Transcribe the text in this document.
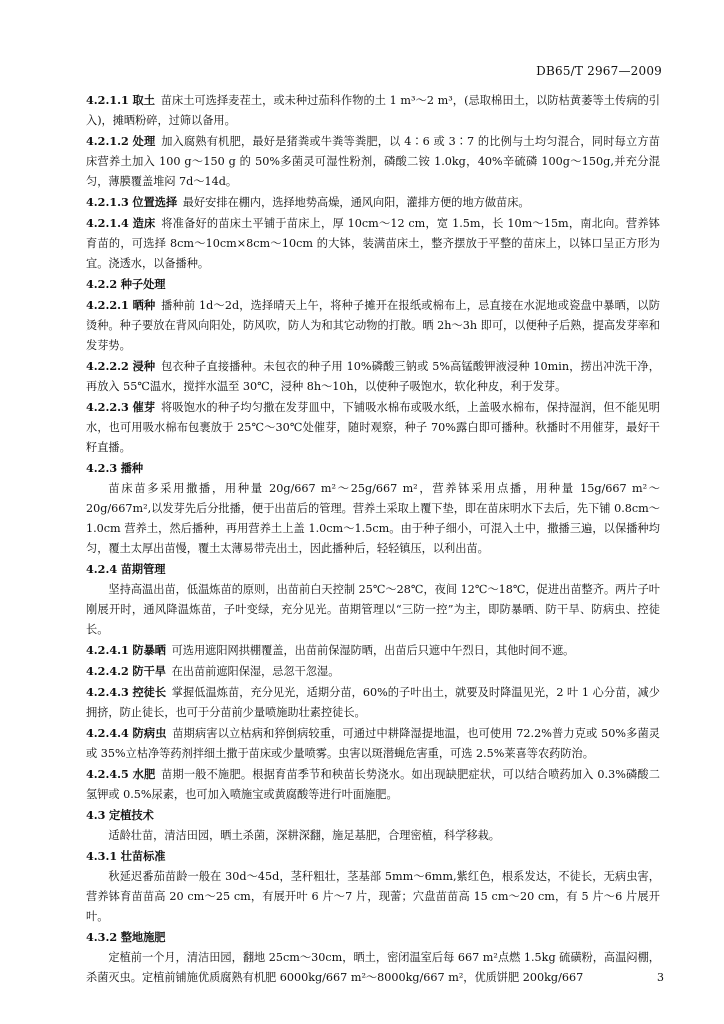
DB65/T 2967—2009

4.2.1.1 取土  苗床土可选择麦茬土，或未种过茄科作物的土 1 m³～2 m³，(忌取棉田土，以防枯黄萎等土传病的引入)，摊晒粉碎，过筛以备用。

4.2.1.2 处理  加入腐熟有机肥，最好是猪粪或牛粪等粪肥，以 4∶6 或 3∶7 的比例与土均匀混合，同时每立方苗床营养土加入 100 g～150 g 的 50%多菌灵可湿性粉剂，磷酸二铵 1.0kg，40%辛硫磷 100g～150g,并充分混匀，薄膜覆盖堆闷 7d～14d。

4.2.1.3 位置选择  最好安排在棚内，选择地势高燥，通风向阳，灌排方便的地方做苗床。

4.2.1.4 造床  将准备好的苗床土平铺于苗床上，厚 10cm～12 cm，宽 1.5m，长 10m～15m，南北向。营养钵育苗的，可选择 8cm～10cm×8cm～10cm 的大钵，装满苗床土，整齐摆放于平整的苗床上，以钵口呈正方形为宜。浇透水，以备播种。

4.2.2 种子处理

4.2.2.1 晒种  播种前 1d～2d，选择晴天上午，将种子摊开在报纸或棉布上，忌直接在水泥地或瓷盘中暴晒，以防烫种。种子要放在背风向阳处，防风吹，防人为和其它动物的打散。晒 2h～3h 即可，以便种子后熟，提高发芽率和发芽势。

4.2.2.2 浸种  包衣种子直接播种。未包衣的种子用 10%磷酸三钠或 5%高锰酸钾液浸种 10min，捞出冲洗干净，再放入 55℃温水，搅拌水温至 30℃，浸种 8h～10h，以使种子吸饱水，软化种皮，利于发芽。

4.2.2.3 催芽  将吸饱水的种子均匀撒在发芽皿中，下铺吸水棉布或吸水纸，上盖吸水棉布，保持湿润，但不能见明水，也可用吸水棉布包裹放于 25℃～30℃处催芽，随时观察，种子 70%露白即可播种。秋播时不用催芽，最好干籽直播。

4.2.3 播种

苗床苗多采用撒播，用种量 20g/667 m²～25g/667 m²，营养钵采用点播，用种量 15g/667 m²～20g/667m²,以发芽先后分批播，便于出苗后的管理。营养土采取上覆下垫，即在苗床明水下去后，先下铺 0.8cm～1.0cm 营养土，然后播种，再用营养土上盖 1.0cm～1.5cm。由于种子细小，可混入土中，撒播三遍，以保播种均匀，覆土太厚出苗慢，覆土太薄易带壳出土，因此播种后，轻轻镇压，以利出苗。

4.2.4 苗期管理

坚持高温出苗，低温炼苗的原则，出苗前白天控制 25℃～28℃，夜间 12℃～18℃，促进出苗整齐。两片子叶刚展开时，通风降温炼苗，子叶变绿，充分见光。苗期管理以“三防一控”为主，即防暴晒、防干旱、防病虫、控徒长。

4.2.4.1 防暴晒  可选用遮阳网拱棚覆盖，出苗前保湿防晒，出苗后只遮中午烈日，其他时间不遮。

4.2.4.2 防干旱  在出苗前遮阳保湿，忌忽干忽湿。

4.2.4.3 控徒长  掌握低温炼苗，充分见光，适期分苗，60%的子叶出土，就要及时降温见光，2 叶 1 心分苗，减少拥挤，防止徒长，也可于分苗前少量喷施助壮素控徒长。

4.2.4.4 防病虫  苗期病害以立枯病和猝倒病较重，可通过中耕降湿提地温，也可使用 72.2%普力克或 50%多菌灵或 35%立枯净等药剂拌细土撒于苗床或少量喷雾。虫害以斑潜蝇危害重，可选 2.5%莱喜等农药防治。

4.2.4.5 水肥  苗期一般不施肥。根据育苗季节和秧苗长势浇水。如出现缺肥症状，可以结合喷药加入 0.3%磷酸二氢钾或 0.5%尿素，也可加入喷施宝或黄腐酸等进行叶面施肥。

4.3 定植技术

适龄壮苗，清洁田园，晒土杀菌，深耕深翻，施足基肥，合理密植，科学移栽。

4.3.1 壮苗标准

秋延迟番茄苗龄一般在 30d～45d，茎秆粗壮，茎基部 5mm～6mm,紫红色，根系发达，不徒长，无病虫害，营养钵育苗苗高 20 cm～25 cm，有展开叶 6 片～7 片，现蕾；穴盘苗苗高 15 cm～20 cm，有 5 片～6 片展开叶。

4.3.2 整地施肥

定植前一个月，清洁田园，翻地 25cm～30cm，晒土，密闭温室后每 667 m²点燃 1.5kg 硫磺粉，高温闷棚，杀菌灭虫。定植前铺施优质腐熟有机肥 6000kg/667 m²～8000kg/667 m²，优质饼肥 200kg/667	3
